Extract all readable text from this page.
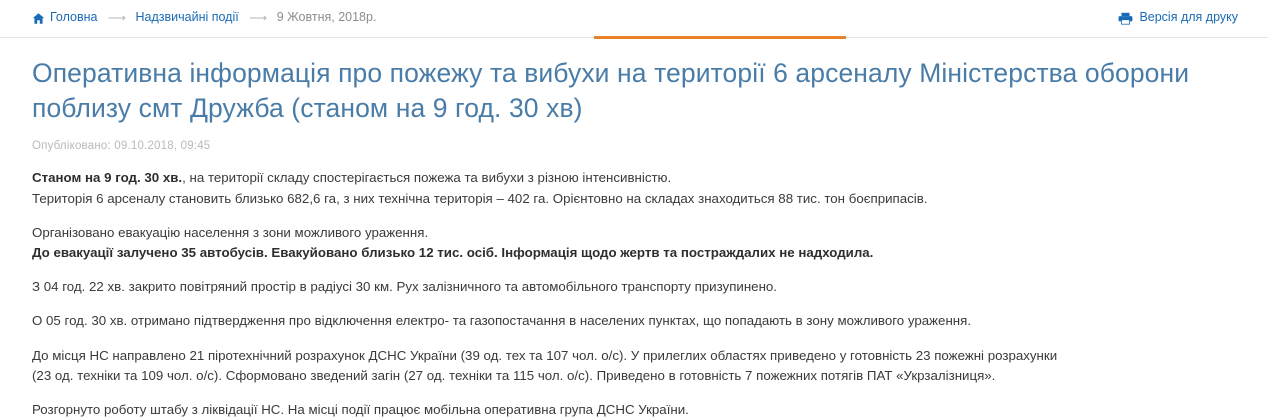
Головна ⟶ Надзвичайні події ⟶ 9 Жовтня, 2018р.	Версія для друку
Оперативна інформація про пожежу та вибухи на території 6 арсеналу Міністерства оборони поблизу смт Дружба (станом на 9 год. 30 хв)
Опубліковано: 09.10.2018, 09:45

Станом на 9 год. 30 хв., на території складу спостерігається пожежа та вибухи з різною інтенсивністю.
Територія 6 арсеналу становить близько 682,6 га, з них технічна територія – 402 га. Орієнтовно на складах знаходиться 88 тис. тон боєприпасів.

Організовано евакуацію населення з зони можливого ураження.
До евакуації залучено 35 автобусів. Евакуйовано близько 12 тис. осіб. Інформація щодо жертв та постраждалих не надходила.

З 04 год. 22 хв. закрито повітряний простір в радіусі 30 км. Рух залізничного та автомобільного транспорту призупинено.

О 05 год. 30 хв. отримано підтвердження про відключення електро- та газопостачання в населених пунктах, що попадають в зону можливого ураження.

До місця НС направлено 21 піротехнічний розрахунок ДСНС України (39 од. тех та 107 чол. о/с). У прилеглих областях приведено у готовність 23 пожежні розрахунки
(23 од. техніки та 109 чол. о/с). Сформовано зведений загін (27 од. техніки та 115 чол. о/с). Приведено в готовність 7 пожежних потягів ПАТ «Укрзалізниця».

Розгорнуто роботу штабу з ліквідації НС. На місці події працює мобільна оперативна група ДСНС України.
